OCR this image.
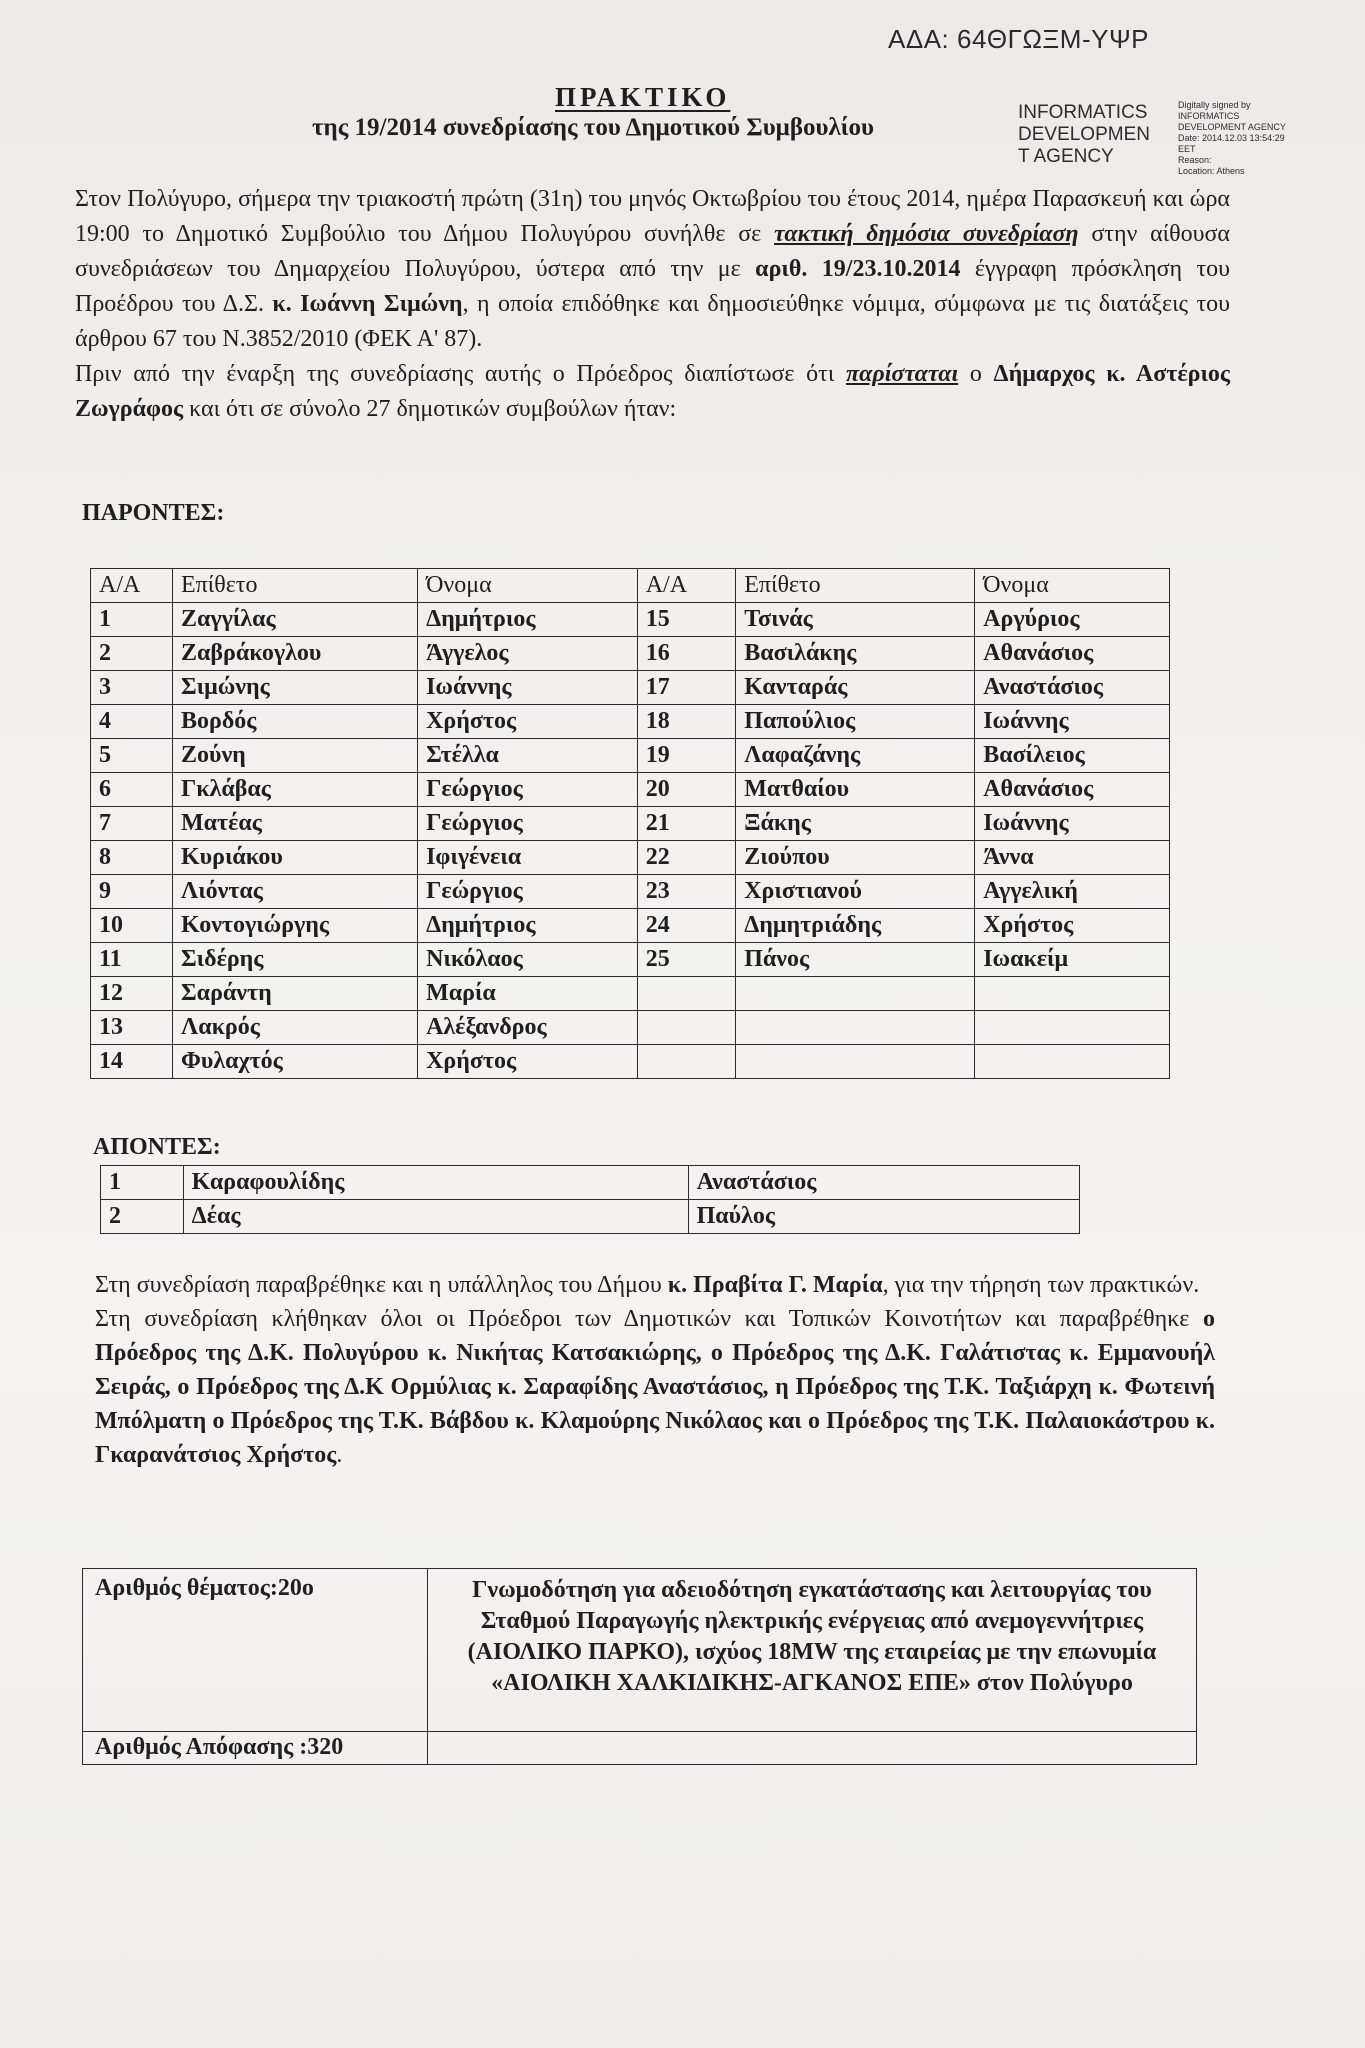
ΑΔΑ: 64ΘΓΩΞΜ-ΥΨΡ
ΠΡΑΚΤΙΚΟ
της 19/2014 συνεδρίασης του Δημοτικού Συμβουλίου
INFORMATICS
DEVELOPMEN
T AGENCY
Digitally signed by
INFORMATICS
DEVELOPMENT AGENCY
Date: 2014.12.03 13:54:29
EET
Reason:
Location: Athens

Στον Πολύγυρο, σήμερα την τριακοστή πρώτη (31η) του μηνός Οκτωβρίου του έτους 2014, ημέρα Παρασκευή και ώρα 19:00 το Δημοτικό Συμβούλιο του Δήμου Πολυγύρου συνήλθε σε τακτική δημόσια συνεδρίαση στην αίθουσα συνεδριάσεων του Δημαρχείου Πολυγύρου, ύστερα από την με αριθ. 19/23.10.2014 έγγραφη πρόσκληση του Προέδρου του Δ.Σ. κ. Ιωάννη Σιμώνη, η οποία επιδόθηκε και δημοσιεύθηκε νόμιμα, σύμφωνα με τις διατάξεις του άρθρου 67 του Ν.3852/2010 (ΦΕΚ Α' 87).

Πριν από την έναρξη της συνεδρίασης αυτής ο Πρόεδρος διαπίστωσε ότι παρίσταται ο Δήμαρχος κ. Αστέριος Ζωγράφος και ότι σε σύνολο 27 δημοτικών συμβούλων ήταν:

ΠΑΡΟΝΤΕΣ:
Α/Α	Επίθετο	Όνομα	Α/Α	Επίθετο	Όνομα
1	Ζαγγίλας	Δημήτριος	15	Τσινάς	Αργύριος
2	Ζαβράκογλου	Άγγελος	16	Βασιλάκης	Αθανάσιος
3	Σιμώνης	Ιωάννης	17	Κανταράς	Αναστάσιος
4	Βορδός	Χρήστος	18	Παπούλιος	Ιωάννης
5	Ζούνη	Στέλλα	19	Λαφαζάνης	Βασίλειος
6	Γκλάβας	Γεώργιος	20	Ματθαίου	Αθανάσιος
7	Ματέας	Γεώργιος	21	Ξάκης	Ιωάννης
8	Κυριάκου	Ιφιγένεια	22	Ζιούπου	Άννα
9	Λιόντας	Γεώργιος	23	Χριστιανού	Αγγελική
10	Κοντογιώργης	Δημήτριος	24	Δημητριάδης	Χρήστος
11	Σιδέρης	Νικόλαος	25	Πάνος	Ιωακείμ
12	Σαράντη	Μαρία			
13	Λακρός	Αλέξανδρος			
14	Φυλαχτός	Χρήστος			
ΑΠΟΝΤΕΣ:
1	Καραφουλίδης	Αναστάσιος
2	Δέας	Παύλος

Στη συνεδρίαση παραβρέθηκε και η υπάλληλος του Δήμου κ. Πραβίτα Γ. Μαρία, για την τήρηση των πρακτικών.

Στη συνεδρίαση κλήθηκαν όλοι οι Πρόεδροι των Δημοτικών και Τοπικών Κοινοτήτων και παραβρέθηκε ο Πρόεδρος της Δ.Κ. Πολυγύρου κ. Νικήτας Κατσακιώρης, ο Πρόεδρος της Δ.Κ. Γαλάτιστας κ. Εμμανουήλ Σειράς, ο Πρόεδρος της Δ.Κ Ορμύλιας κ. Σαραφίδης Αναστάσιος, η Πρόεδρος της Τ.Κ. Ταξιάρχη κ. Φωτεινή Μπόλματη ο Πρόεδρος της Τ.Κ. Βάβδου κ. Κλαμούρης Νικόλαος και ο Πρόεδρος της Τ.Κ. Παλαιοκάστρου κ. Γκαρανάτσιος Χρήστος.

Αριθμός θέματος:20ο	Γνωμοδότηση για αδειοδότηση εγκατάστασης και λειτουργίας του Σταθμού Παραγωγής ηλεκτρικής ενέργειας από ανεμογεννήτριες (ΑΙΟΛΙΚΟ ΠΑΡΚΟ), ισχύος 18MW της εταιρείας με την επωνυμία «ΑΙΟΛΙΚΗ ΧΑΛΚΙΔΙΚΗΣ-ΑΓΚΑΝΟΣ ΕΠΕ» στον Πολύγυρο
Αριθμός Απόφασης :320	
